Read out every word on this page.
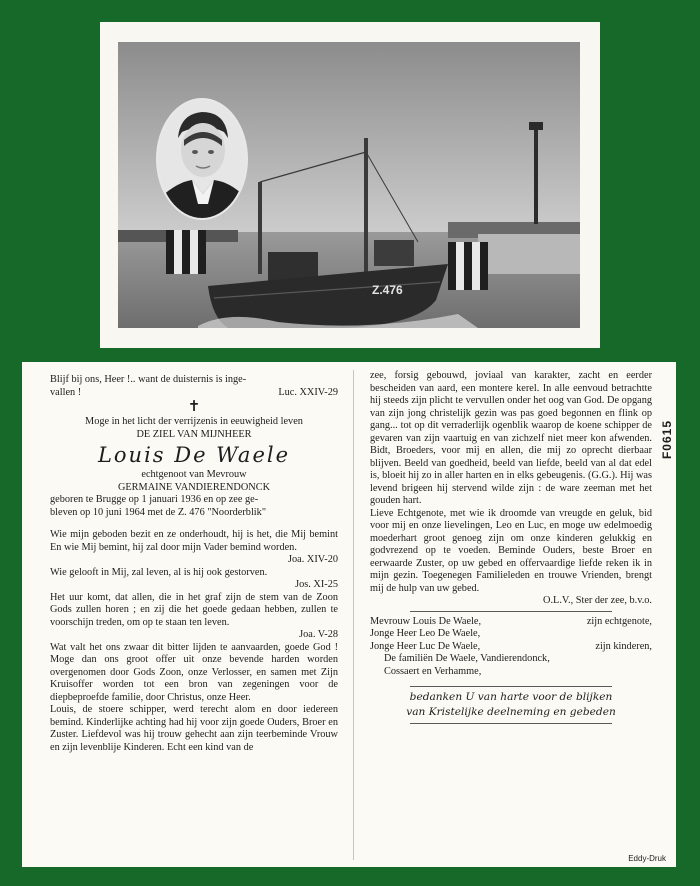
Z.476

Blijf bij ons, Heer !.. want de duisternis is inge-

vallen !	Luc. XXIV-29
✝

Moge in het licht der verrijzenis in eeuwigheid leven

DE ZIEL VAN MIJNHEER

Louis De Waele

echtgenoot van Mevrouw

GERMAINE VANDIERENDONCK

geboren te Brugge op 1 januari 1936 en op zee ge-

bleven op 10 juni 1964 met de Z. 476 "Noorderblik"

Wie mijn geboden bezit en ze onderhoudt, hij is het, die Mij bemint En wie Mij bemint, hij zal door mijn Vader bemind worden.

Joa. XIV-20

Wie gelooft in Mij, zal leven, al is hij ook gestorven.

Jos. XI-25

Het uur komt, dat allen, die in het graf zijn de stem van de Zoon Gods zullen horen ; en zij die het goede gedaan hebben, zullen te voorschijn treden, om op te staan ten leven.

Joa. V-28

Wat valt het ons zwaar dit bitter lijden te aanvaarden, goede God ! Moge dan ons groot offer uit onze bevende harden worden overgenomen door Gods Zoon, onze Verlosser, en samen met Zijn Kruisoffer worden tot een bron van zegeningen voor de diepbeproefde familie, door Christus, onze Heer.

Louis, de stoere schipper, werd terecht alom en door iedereen bemind. Kinderlijke achting had hij voor zijn goede Ouders, Broer en Zuster. Liefdevol was hij trouw gehecht aan zijn teerbeminde Vrouw en zijn levenblije Kinderen. Echt een kind van de

zee, forsig gebouwd, joviaal van karakter, zacht en eerder bescheiden van aard, een montere kerel. In alle eenvoud betrachtte hij steeds zijn plicht te vervullen onder het oog van God. De opgang van zijn jong christelijk gezin was pas goed begonnen en flink op gang... tot op dit verraderlijk ogenblik waarop de koene schipper de gevaren van zijn vaartuig en van zichzelf niet meer kon afwenden. Bidt, Broeders, voor mij en allen, die mij zo oprecht dierbaar blijven. Beeld van goedheid, beeld van liefde, beeld van al dat edel is, bloeit hij zo in aller harten en in elks gebeugenis. (G.G.). Hij was levend brigeen hij stervend wilde zijn : de ware zeeman met het gouden hart.

Lieve Echtgenote, met wie ik droomde van vreugde en geluk, bid voor mij en onze lievelingen, Leo en Luc, en moge uw edelmoedig moederhart groot genoeg zijn om onze kinderen gelukkig en godvrezend op te voeden. Beminde Ouders, beste Broer en eerwaarde Zuster, op uw gebed en offervaardige liefde reken ik in mijn gezin. Toegenegen Familieleden en trouwe Vrienden, brengt mij de hulp van uw gebed.

O.L.V., Ster der zee, b.v.o.

Mevrouw Louis De Waele,	zijn echtgenote,
Jonge Heer Leo De Waele,
Jonge Heer Luc De Waele,	zijn kinderen,
De familiën De Waele, Vandierendonck,
Cossaert en Verhamme,
bedanken U van harte voor de blijken
van Kristelijke deelneming en gebeden
Eddy-Druk
F0615
